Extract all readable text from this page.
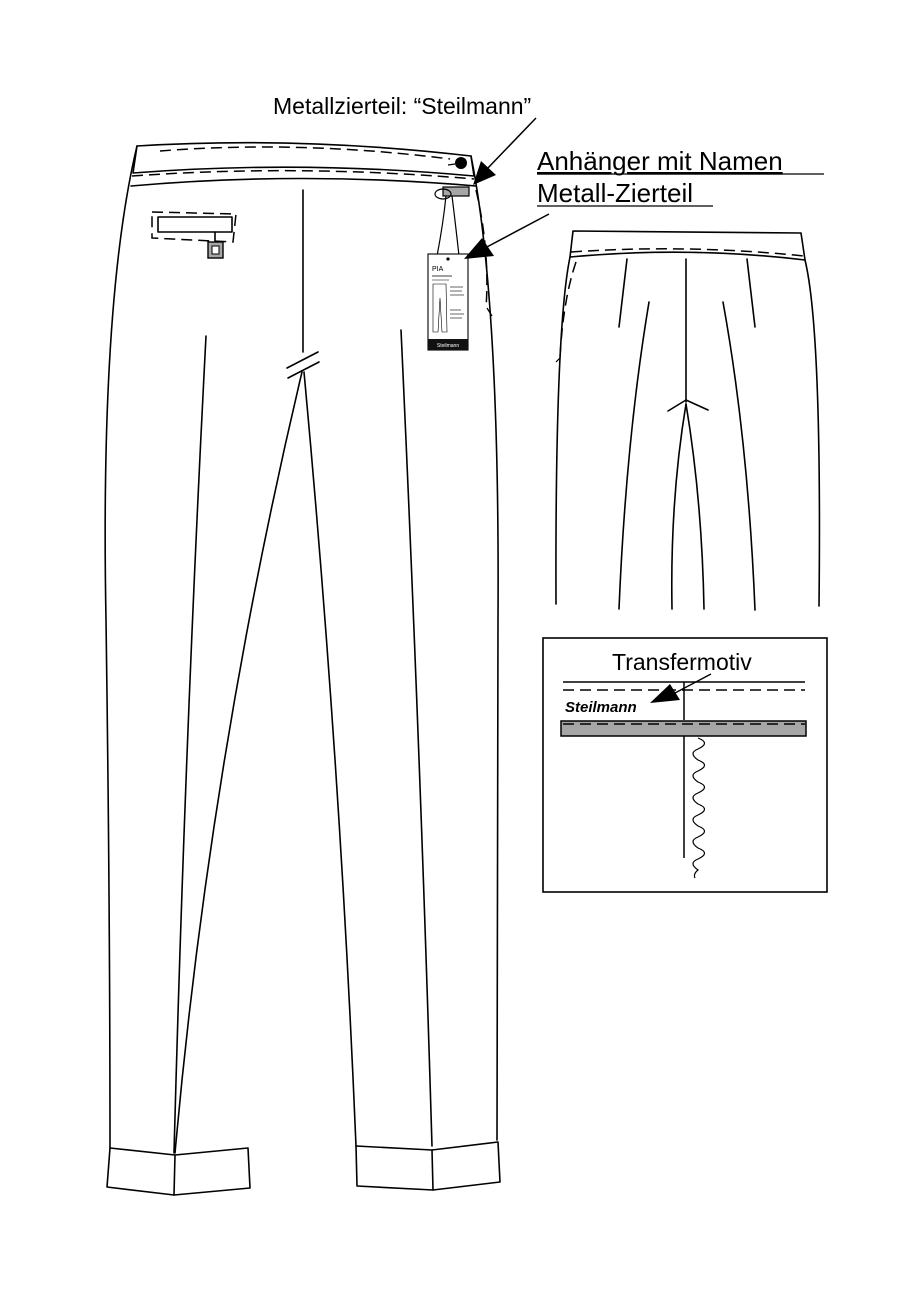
PIA
Steilmann
Metallzierteil: “Steilmann”
Anhänger mit Namen
Metall-Zierteil
Transfermotiv
Steilmann
